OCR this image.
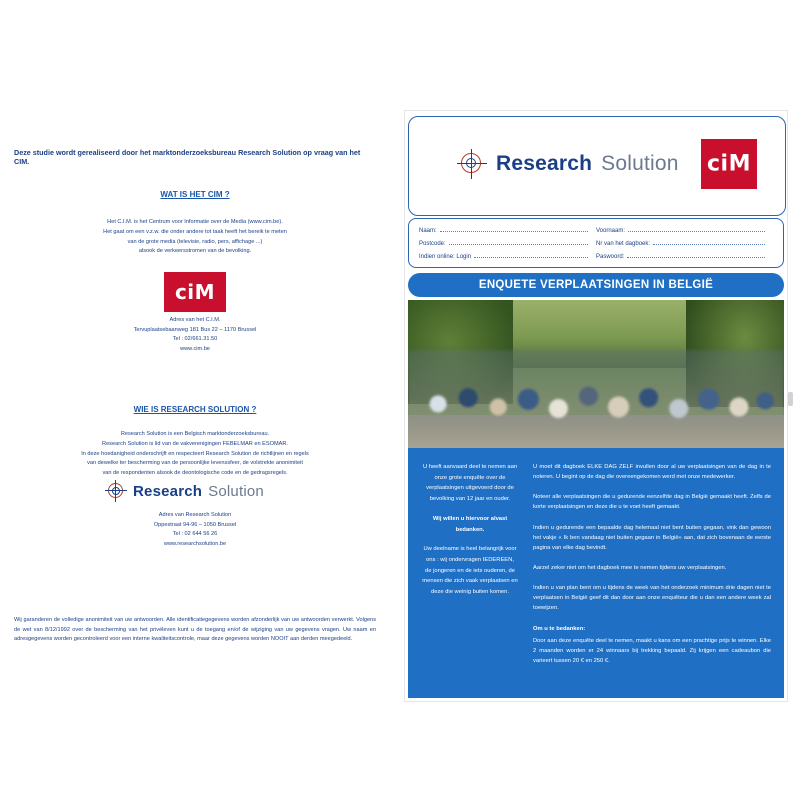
Deze studie wordt gerealiseerd door het marktonderzoeksbureau Research Solution op vraag van het CIM.
WAT IS HET CIM ?
Het C.I.M. is het Centrum voor Informatie over de Media (www.cim.be).
Het gaat om een v.z.w. die onder andere tot taak heeft het bereik te meten
van de grote media (televisie, radio, pers, affichage ...)
alsook de verkeersstromen van de bevolking.
ciM
Adres van het C.I.M.
Tervuplaatsebaanweg 181 Bus 22 – 1170 Brussel
Tel : 02/661.31.50
www.cim.be
WIE IS RESEARCH SOLUTION ?
Research Solution is een Belgisch marktonderzoeksbureau.
Research Solution is lid van de vakverenigingen FEBELMAR en ESOMAR.
In deze hoedanigheid onderschrijft en respecteert Research Solution de richtlijnen en regels
van dewelke ter bescherming van de persoonlijke levenssfeer, de volstrekte anonimiteit
van de respondenten alsook de deontologische code en de gedragsregels.
Research Solution
Adres van Research Solution
Oppestraat 94-96 – 1050 Brussel
Tel : 02 644 56 26
www.researchsolution.be
Wij garanderen de volledige anonimiteit van uw antwoorden. Alle identificatiegegevens worden afzonderlijk van uw antwoorden verwerkt. Volgens de wet van 8/12/1992 over de bescherming van het privéleven kunt u de toegang en/of de wijziging van uw gegevens vragen. Uw naam en adresgegevens worden gecontroleerd voor een interne kwaliteitscontrole, maar deze gegevens worden NOOIT aan derden meegedeeld.
Research Solution ciM
Naam:	Voornaam:
Postcode:	Nr van het dagboek:
Indien online: Login	Paswoord:
ENQUETE VERPLAATSINGEN IN BELGIË

U heeft aanvaard deel te nemen aan onze grote enquête over de verplaatsingen uitgevoerd door de bevolking van 12 jaar en ouder.

Wij willen u hiervoor alvast bedanken.

Uw deelname is heel belangrijk voor ons : wij ondervragen IEDEREEN, de jongeren en de iets ouderen, de mensen die zich vaak verplaatsen en deze die weinig buiten komen.

U moet dit dagboek ELKE DAG ZELF invullen door al uw verplaatsingen van de dag in te noteren. U begint op de dag die overeengekomen werd met onze medewerker.

Noteer alle verplaatsingen die u gedurende eenzelfde dag in België gemaakt heeft. Zelfs de korte verplaatsingen en deze die u te voet heeft gemaakt.

Indien u gedurende een bepaalde dag helemaal niet bent buiten gegaan, vink dan gewoon het vakje « Ik ben vandaag niet buiten gegaan in België» aan, dat zich bovenaan de eerste pagina van elke dag bevindt.

Aarzel zeker niet om het dagboek mee te nemen tijdens uw verplaatsingen.

Indien u van plan bent om u tijdens de week van het onderzoek minimum drie dagen niet te verplaatsen in België geef dit dan door aan onze enquêteur die u dan een andere week zal toewijzen.

Om u te bedanken:

Door aan deze enquête deel te nemen, maakt u kans om een prachtige prijs te winnen. Elke 2 maanden worden er 24 winnaars bij trekking bepaald. Zij krijgen een cadeaubon die varieert tussen 20 € en 250 €.
